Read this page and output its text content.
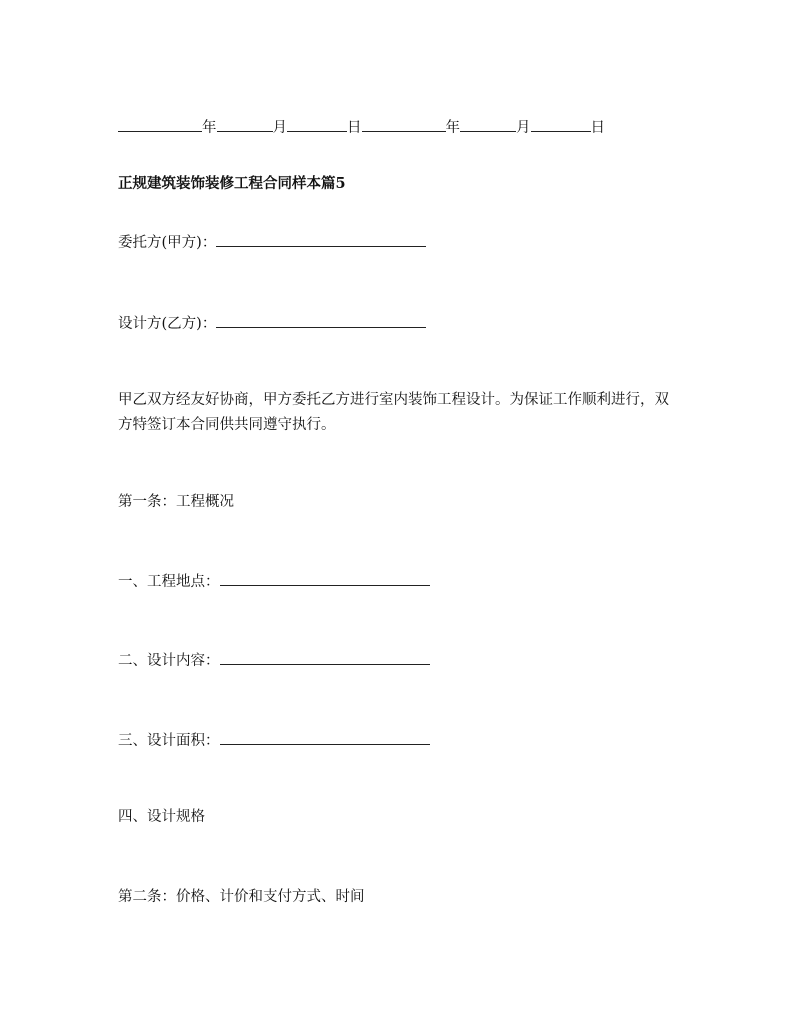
年	月	日	年	月	日
正规建筑装饰装修工程合同样本篇5
委托方(甲方)：
设计方(乙方)：
甲乙双方经友好协商，甲方委托乙方进行室内装饰工程设计。为保证工作顺利进行，双方特签订本合同供共同遵守执行。
第一条：工程概况
一、工程地点：
二、设计内容：
三、设计面积：
四、设计规格
第二条：价格、计价和支付方式、时间
